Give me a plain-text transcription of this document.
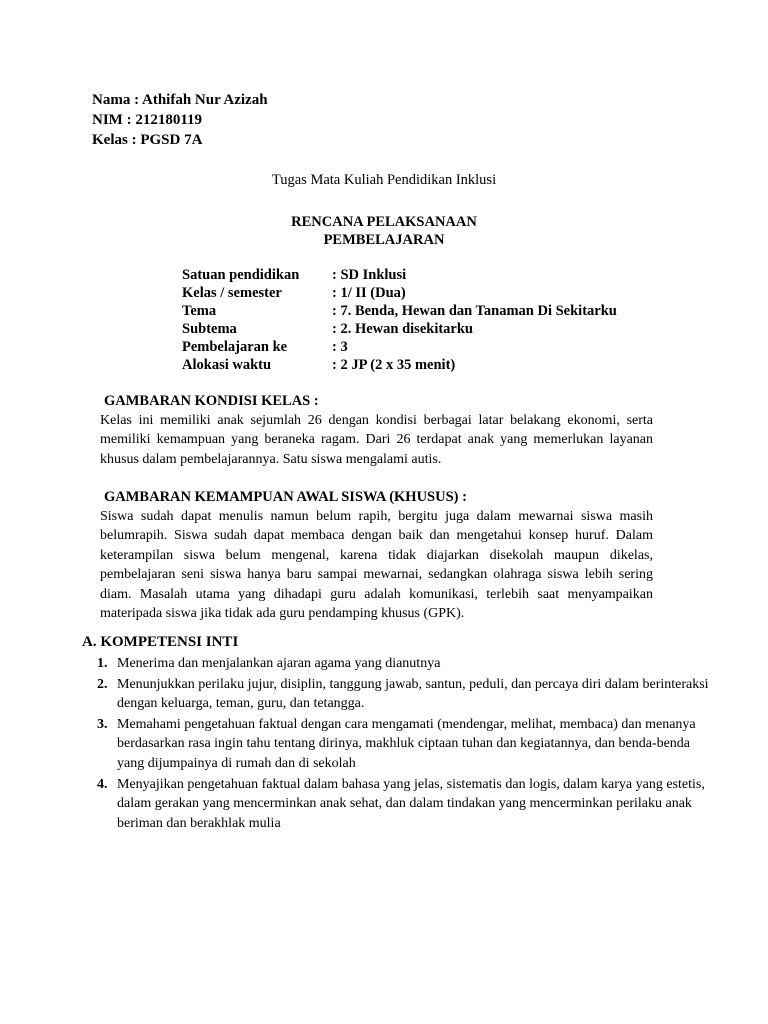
Nama : Athifah Nur Azizah
NIM : 212180119
Kelas : PGSD 7A
Tugas Mata Kuliah Pendidikan Inklusi
RENCANA PELAKSANAAN
PEMBELAJARAN
Satuan pendidikan	: SD Inklusi
Kelas / semester	: 1/ II (Dua)
Tema	: 7. Benda, Hewan dan Tanaman Di Sekitarku
Subtema	: 2. Hewan disekitarku
Pembelajaran ke	: 3
Alokasi waktu	: 2 JP (2 x 35 menit)
GAMBARAN KONDISI KELAS :
Kelas ini memiliki anak sejumlah 26 dengan kondisi berbagai latar belakang ekonomi, serta memiliki kemampuan yang beraneka ragam. Dari 26 terdapat anak yang memerlukan layanan khusus dalam pembelajarannya. Satu siswa mengalami autis.
GAMBARAN KEMAMPUAN AWAL SISWA (KHUSUS) :
Siswa sudah dapat menulis namun belum rapih, bergitu juga dalam mewarnai siswa masih belumrapih. Siswa sudah dapat membaca dengan baik dan mengetahui konsep huruf. Dalam keterampilan siswa belum mengenal, karena tidak diajarkan disekolah maupun dikelas, pembelajaran seni siswa hanya baru sampai mewarnai, sedangkan olahraga siswa lebih sering diam. Masalah utama yang dihadapi guru adalah komunikasi, terlebih saat menyampaikan materipada siswa jika tidak ada guru pendamping khusus (GPK).
A. KOMPETENSI INTI
1. Menerima dan menjalankan ajaran agama yang dianutnya
2. Menunjukkan perilaku jujur, disiplin, tanggung jawab, santun, peduli, dan percaya diri dalam berinteraksi dengan keluarga, teman, guru, dan tetangga.
3. Memahami pengetahuan faktual dengan cara mengamati (mendengar, melihat, membaca) dan menanya berdasarkan rasa ingin tahu tentang dirinya, makhluk ciptaan tuhan dan kegiatannya, dan benda-benda yang dijumpainya di rumah dan di sekolah
4. Menyajikan pengetahuan faktual dalam bahasa yang jelas, sistematis dan logis, dalam karya yang estetis, dalam gerakan yang mencerminkan anak sehat, dan dalam tindakan yang mencerminkan perilaku anak beriman dan berakhlak mulia
